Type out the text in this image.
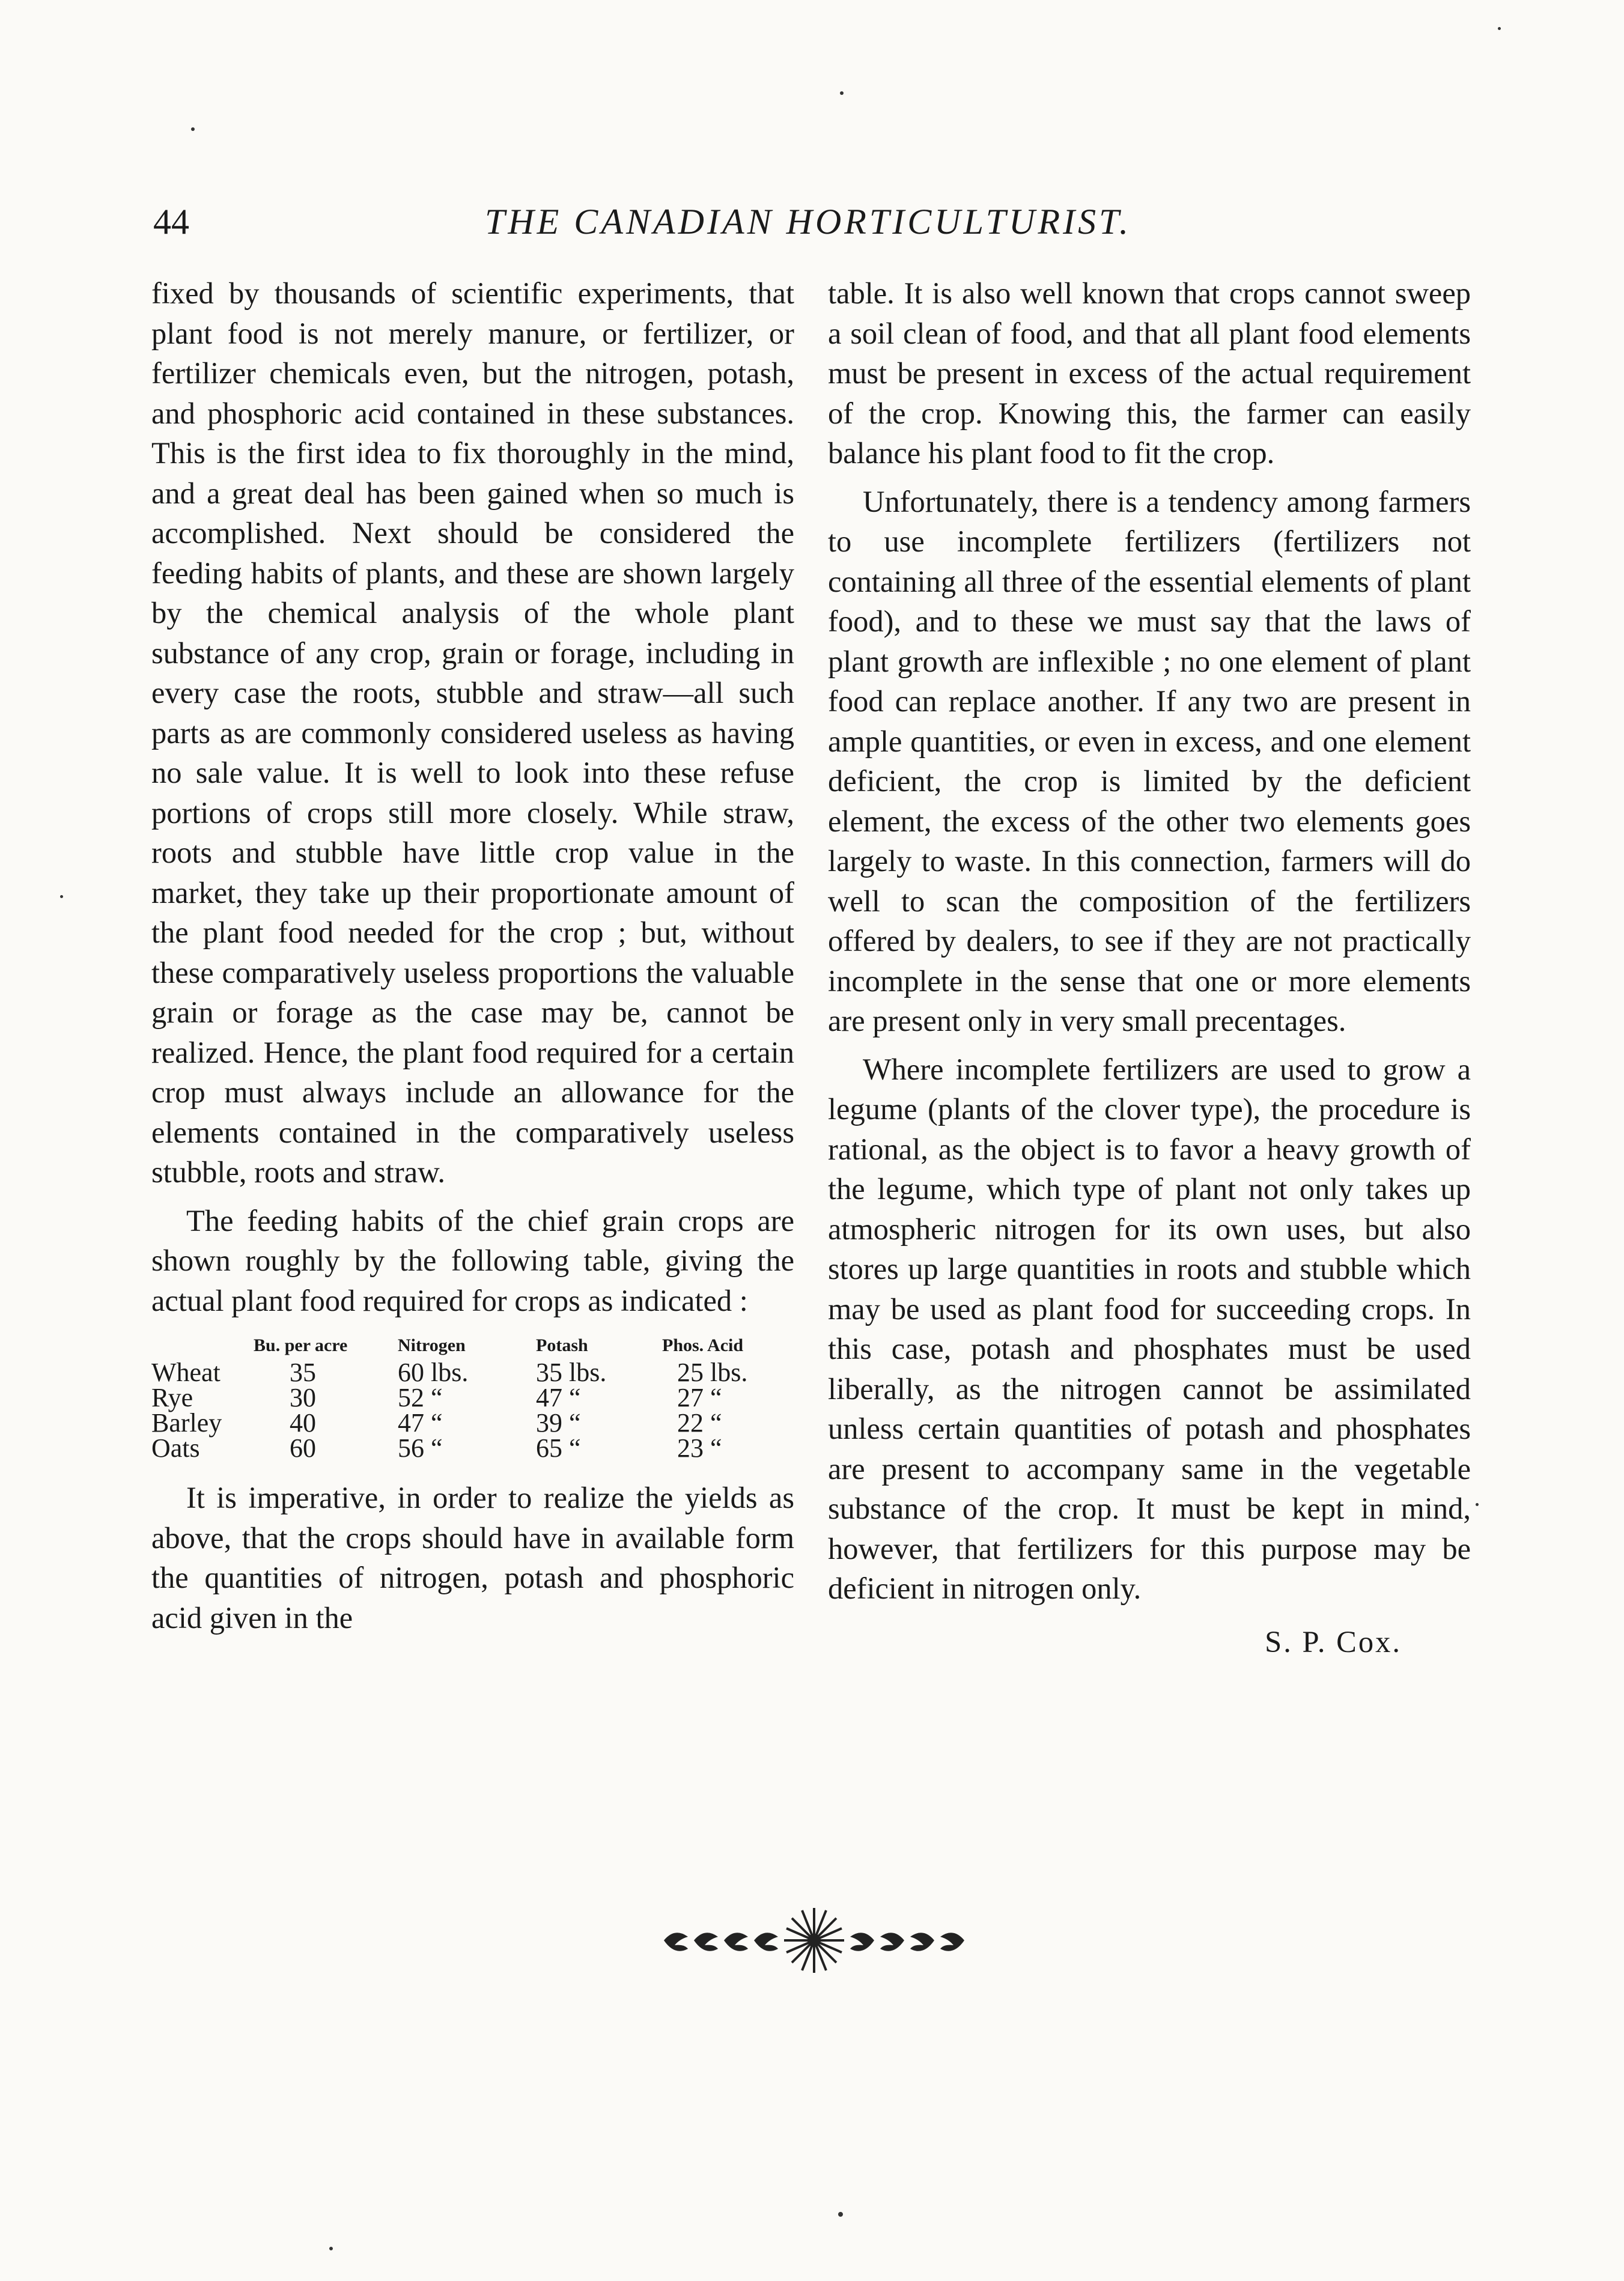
44	THE CANADIAN HORTICULTURIST.

fixed by thousands of scientific experiments, that plant food is not merely manure, or fertilizer, or fertilizer chemicals even, but the nitrogen, potash, and phosphoric acid contained in these substances. This is the first idea to fix thoroughly in the mind, and a great deal has been gained when so much is accomplished. Next should be considered the feeding habits of plants, and these are shown largely by the chemical analysis of the whole plant substance of any crop, grain or forage, including in every case the roots, stubble and straw—all such parts as are commonly considered useless as having no sale value. It is well to look into these refuse portions of crops still more closely. While straw, roots and stubble have little crop value in the market, they take up their proportionate amount of the plant food needed for the crop ; but, without these comparatively useless proportions the valuable grain or forage as the case may be, cannot be realized. Hence, the plant food required for a certain crop must always include an allowance for the elements contained in the comparatively useless stubble, roots and straw.

The feeding habits of the chief grain crops are shown roughly by the following table, giving the actual plant food required for crops as indicated :

	Bu. per acre	Nitrogen	Potash	Phos. Acid
Wheat	35	60 lbs.	35 lbs.	25 lbs.
Rye	30	52 “	47 “	27 “
Barley	40	47 “	39 “	22 “
Oats	60	56 “	65 “	23 “

It is imperative, in order to realize the yields as above, that the crops should have in available form the quantities of nitrogen, potash and phosphoric acid given in the

table. It is also well known that crops cannot sweep a soil clean of food, and that all plant food elements must be present in excess of the actual requirement of the crop. Knowing this, the farmer can easily balance his plant food to fit the crop.

Unfortunately, there is a tendency among farmers to use incomplete fertilizers (fertilizers not containing all three of the essential elements of plant food), and to these we must say that the laws of plant growth are inflexible ; no one element of plant food can replace another. If any two are present in ample quantities, or even in excess, and one element deficient, the crop is limited by the deficient element, the excess of the other two elements goes largely to waste. In this connection, farmers will do well to scan the composition of the fertilizers offered by dealers, to see if they are not practically incomplete in the sense that one or more elements are present only in very small precentages.

Where incomplete fertilizers are used to grow a legume (plants of the clover type), the procedure is rational, as the object is to favor a heavy growth of the legume, which type of plant not only takes up atmospheric nitrogen for its own uses, but also stores up large quantities in roots and stubble which may be used as plant food for succeeding crops. In this case, potash and phosphates must be used liberally, as the nitrogen cannot be assimilated unless certain quantities of potash and phosphates are present to accompany same in the vegetable substance of the crop. It must be kept in mind, however, that fertilizers for this purpose may be deficient in nitrogen only.

S. P. Cox.
